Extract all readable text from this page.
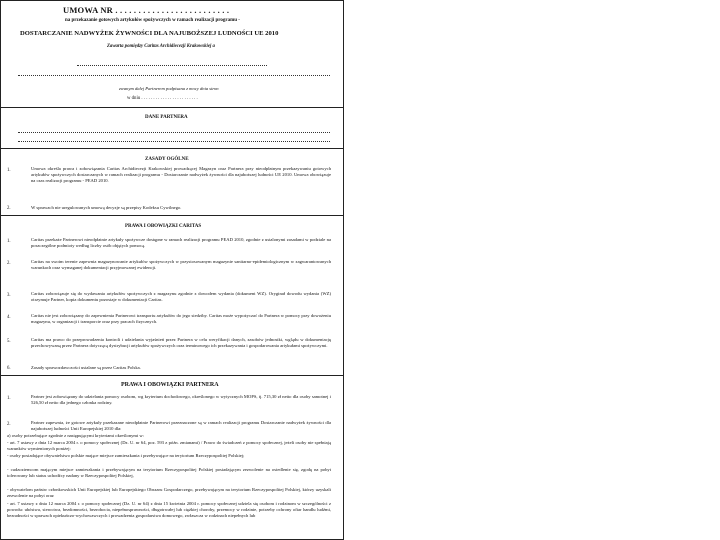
UMOWA NR . . . . . . . . . . . . . . . . . . . . . . . . .
na przekazanie gotowych artykułów spożywczych w ramach realizacji programu -
DOSTARCZANIE NADWYŻEK ŻYWNOŚCI DLA NAJUBOŻSZEJ LUDNOŚCI UE 2010
Zawarta pomiędzy Caritas Archidiecezji Krakowskiej a
zwanym dalej Partnerem podpisana z mocy dnia stron
w dniu . . . . . . . . . . . . . . . . . . . . . . . .
DANE PARTNERA
ZASADY OGÓLNE
1.	Umowa określa prawa i zobowiązania Caritas Archidiecezji Krakowskiej prowadzącej Magazyn oraz Partnera przy nieodpłatnym przekazywaniu gotowych artykułów spożywczych dostarczanych w ramach realizacji programu - Dostarczanie nadwyżek żywności dla najuboższej ludności UE 2010. Umowa obowiązuje na czas realizacji programu - PEAD 2010.
2.	W sprawach nie uregulowanych umową decyzje są przepisy Kodeksu Cywilnego.
PRAWA I OBOWIĄZKI CARITAS
1.	Caritas przekaże Partnerowi nieodpłatnie artykuły spożywcze dostępne w ramach realizacji programu PEAD 2010, zgodnie z ustalonymi zasadami w podziale na poszczególne podmioty według liczby osób objętych pomocą.
2.	Caritas na swoim terenie zapewnia magazynowanie artykułów spożywczych w przystosowanym magazynie sanitarno-epidemiologicznym w zagwarantowanych warunkach oraz wymaganej dokumentacji przyjmowanej ewidencji.
3.	Caritas zobowiązuje się do wydawania artykułów spożywczych z magazynu zgodnie z dowodem wydania (dokument WZ). Oryginał dowodu wydania (WZ) otrzymuje Partner, kopia dokumentu pozostaje w dokumentacji Caritas.
4.	Caritas nie jest zobowiązany do zapewnienia Partnerowi transportu artykułów do jego siedziby. Caritas może wypożyczać do Partnera w pomocy przy dowożeniu magazynu, w organizacji i transporcie oraz przy pracach fizycznych.
5.	Caritas ma prawo do przeprowadzenia kontroli i udzielania wyjaśnień przez Partnera w celu weryfikacji danych, zasobów jednostki, wglądu w dokumentację przechowywaną przez Partnera dotyczącą dystrybucji artykułów spożywczych oraz terminowego ich przekazywania i gospodarowania artykułami spożywczymi.
6.	Zasady sprawozdawczości ustalane są przez Caritas Polska.
PRAWA I OBOWIĄZKI PARTNERA
1.	Partner jest zobowiązany do udzielania pomocy osobom, wg kryterium dochodowego, określonego w wytycznych MOPS, tj. 715,30 zł netto dla osoby samotnej i 526,50 zł netto dla jednego członka rodziny.
2.	Partner zapewnia, że gotowe artykuły przekazane nieodpłatnie Partnerowi przeznaczone są w ramach realizacji programu Dostarczanie nadwyżek żywności dla najuboższej ludności Unii Europejskiej 2010 dla:
a) osoby potrzebujące zgodnie z następującymi kryteriami określonymi w:
- art. 7 ustawy z dnia 12 marca 2004 r. o pomocy społecznej (Dz. U. nr 64, poz. 593 z późn. zmianami) / Prawo do świadczeń z pomocy społecznej, jeżeli osoby nie spełniają warunków wymienionych poniżej:
- osoby posiadające obywatelstwo polskie mające miejsce zamieszkania i przebywające na terytorium Rzeczypospolitej Polskiej;
- cudzoziemcom mającym miejsce zamieszkania i przebywającym na terytorium Rzeczypospolitej Polskiej posiadającym zezwolenie na osiedlenie się, zgodę na pobyt tolerowany lub status uchodźcy nadany w Rzeczypospolitej Polskiej,
- obywatelom państw członkowskich Unii Europejskiej lub Europejskiego Obszaru Gospodarczego, przebywającym na terytorium Rzeczypospolitej Polskiej, którzy uzyskali zezwolenie na pobyt oraz
- art. 7 ustawy z dnia 12 marca 2004 r. o pomocy społecznej (Dz. U. nr 64) z dnia 15 kwietnia 2004 r. pomocy społecznej udziela się osobom i rodzinom w szczególności z powodu: ubóstwa, sieroctwa, bezdomności, bezrobocia, niepełnosprawności, długotrwałej lub ciężkiej choroby, przemocy w rodzinie, potrzeby ochrony ofiar handlu ludźmi, bezradności w sprawach opiekuńczo-wychowawczych i prowadzenia gospodarstwa domowego, zwłaszcza w rodzinach niepełnych lub
